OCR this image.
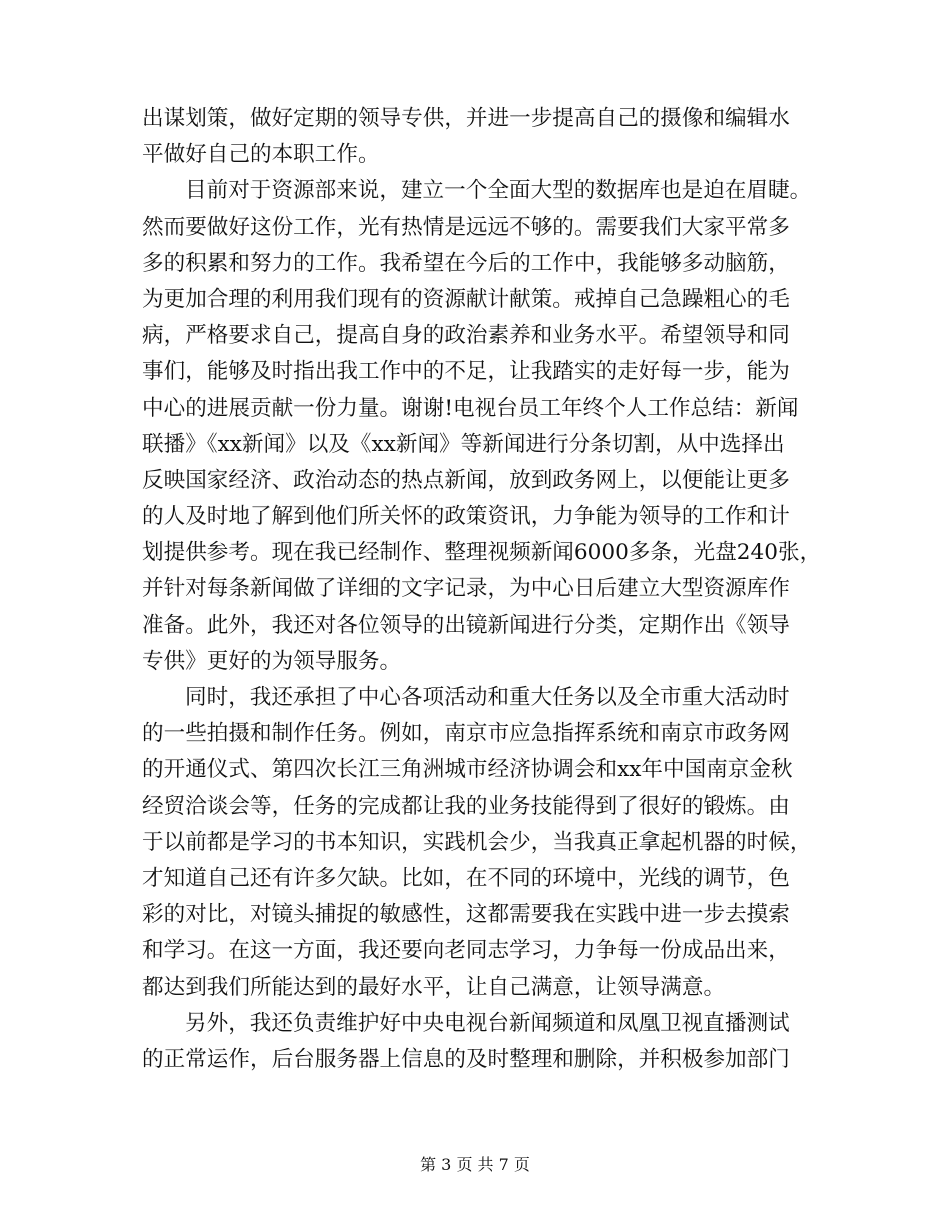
出谋划策，做好定期的领导专供，并进一步提高自己的摄像和编辑水
平做好自己的本职工作。
目前对于资源部来说，建立一个全面大型的数据库也是迫在眉睫。
然而要做好这份工作，光有热情是远远不够的。需要我们大家平常多
多的积累和努力的工作。我希望在今后的工作中，我能够多动脑筋，
为更加合理的利用我们现有的资源献计献策。戒掉自己急躁粗心的毛
病，严格要求自己，提高自身的政治素养和业务水平。希望领导和同
事们，能够及时指出我工作中的不足，让我踏实的走好每一步，能为
中心的进展贡献一份力量。谢谢!电视台员工年终个人工作总结：新闻
联播》《xx新闻》以及《xx新闻》等新闻进行分条切割，从中选择出
反映国家经济、政治动态的热点新闻，放到政务网上，以便能让更多
的人及时地了解到他们所关怀的政策资讯，力争能为领导的工作和计
划提供参考。现在我已经制作、整理视频新闻6000多条，光盘240张，
并针对每条新闻做了详细的文字记录，为中心日后建立大型资源库作
准备。此外，我还对各位领导的出镜新闻进行分类，定期作出《领导
专供》更好的为领导服务。
同时，我还承担了中心各项活动和重大任务以及全市重大活动时
的一些拍摄和制作任务。例如，南京市应急指挥系统和南京市政务网
的开通仪式、第四次长江三角洲城市经济协调会和xx年中国南京金秋
经贸洽谈会等，任务的完成都让我的业务技能得到了很好的锻炼。由
于以前都是学习的书本知识，实践机会少，当我真正拿起机器的时候，
才知道自己还有许多欠缺。比如，在不同的环境中，光线的调节，色
彩的对比，对镜头捕捉的敏感性，这都需要我在实践中进一步去摸索
和学习。在这一方面，我还要向老同志学习，力争每一份成品出来，
都达到我们所能达到的最好水平，让自己满意，让领导满意。
另外，我还负责维护好中央电视台新闻频道和凤凰卫视直播测试
的正常运作，后台服务器上信息的及时整理和删除，并积极参加部门
第 3 页 共 7 页
